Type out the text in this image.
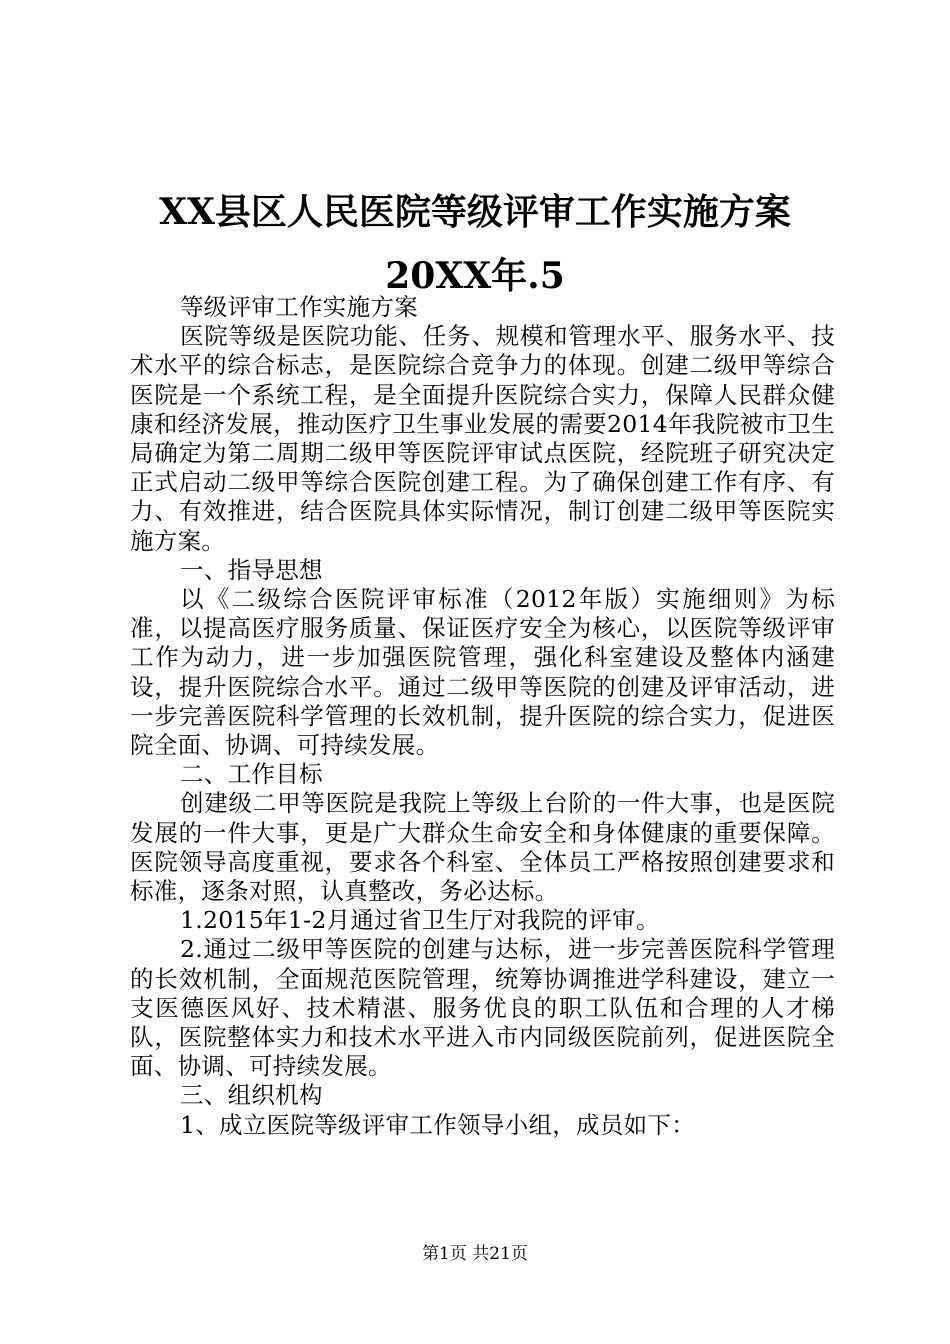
XX县区人民医院等级评审工作实施方案20XX年.5

等级评审工作实施方案

医院等级是医院功能、任务、规模和管理水平、服务水平、技术水平的综合标志，是医院综合竞争力的体现。创建二级甲等综合医院是一个系统工程，是全面提升医院综合实力，保障人民群众健康和经济发展，推动医疗卫生事业发展的需要2014年我院被市卫生局确定为第二周期二级甲等医院评审试点医院，经院班子研究决定正式启动二级甲等综合医院创建工程。为了确保创建工作有序、有力、有效推进，结合医院具体实际情况，制订创建二级甲等医院实施方案。

一、指导思想

以《二级综合医院评审标准（2012年版）实施细则》为标准，以提高医疗服务质量、保证医疗安全为核心，以医院等级评审工作为动力，进一步加强医院管理，强化科室建设及整体内涵建设，提升医院综合水平。通过二级甲等医院的创建及评审活动，进一步完善医院科学管理的长效机制，提升医院的综合实力，促进医院全面、协调、可持续发展。

二、工作目标

创建级二甲等医院是我院上等级上台阶的一件大事，也是医院发展的一件大事，更是广大群众生命安全和身体健康的重要保障。医院领导高度重视，要求各个科室、全体员工严格按照创建要求和标准，逐条对照，认真整改，务必达标。

1.2015年1-2月通过省卫生厅对我院的评审。

2.通过二级甲等医院的创建与达标，进一步完善医院科学管理的长效机制，全面规范医院管理，统筹协调推进学科建设，建立一支医德医风好、技术精湛、服务优良的职工队伍和合理的人才梯队，医院整体实力和技术水平进入市内同级医院前列，促进医院全面、协调、可持续发展。

三、组织机构

1、成立医院等级评审工作领导小组，成员如下：

第1页 共21页
